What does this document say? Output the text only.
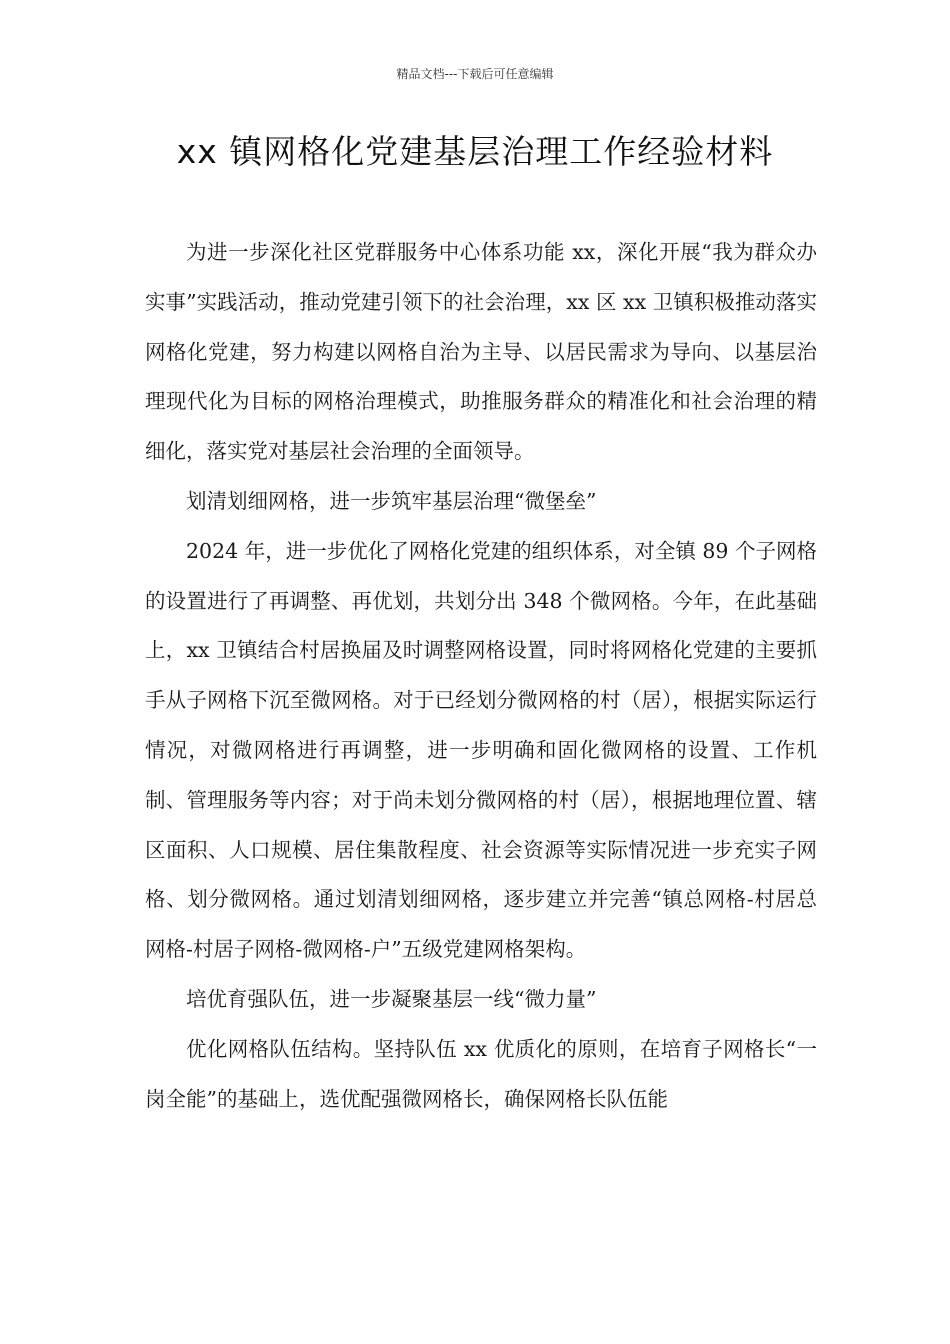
精品文档---下载后可任意编辑
xx 镇网格化党建基层治理工作经验材料

为进一步深化社区党群服务中心体系功能 xx，深化开展“我为群众办实事”实践活动，推动党建引领下的社会治理，xx 区 xx 卫镇积极推动落实网格化党建，努力构建以网格自治为主导、以居民需求为导向、以基层治理现代化为目标的网格治理模式，助推服务群众的精准化和社会治理的精细化，落实党对基层社会治理的全面领导。

划清划细网格，进一步筑牢基层治理“微堡垒”

2024 年，进一步优化了网格化党建的组织体系，对全镇 89 个子网格的设置进行了再调整、再优划，共划分出 348 个微网格。今年，在此基础上，xx 卫镇结合村居换届及时调整网格设置，同时将网格化党建的主要抓手从子网格下沉至微网格。对于已经划分微网格的村（居），根据实际运行情况，对微网格进行再调整，进一步明确和固化微网格的设置、工作机制、管理服务等内容；对于尚未划分微网格的村（居），根据地理位置、辖区面积、人口规模、居住集散程度、社会资源等实际情况进一步充实子网格、划分微网格。通过划清划细网格，逐步建立并完善“镇总网格-村居总网格-村居子网格-微网格-户”五级党建网格架构。

培优育强队伍，进一步凝聚基层一线“微力量”

优化网格队伍结构。坚持队伍 xx 优质化的原则，在培育子网格长“一岗全能”的基础上，选优配强微网格长，确保网格长队伍能
